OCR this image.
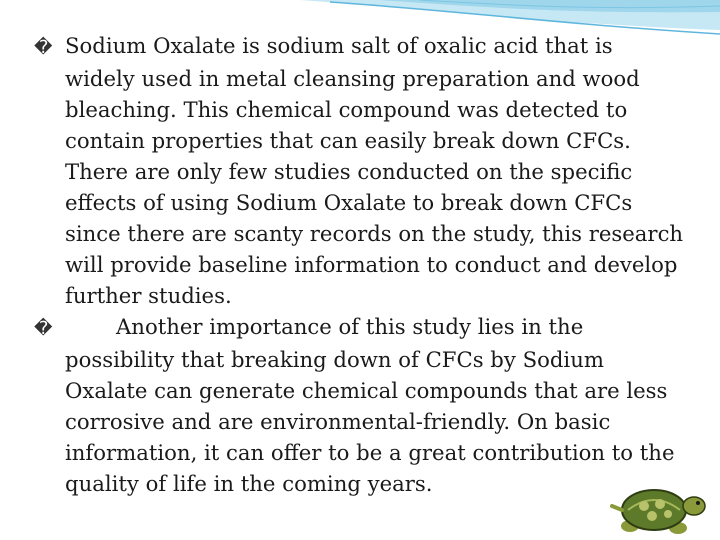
� Sodium Oxalate is sodium salt of oxalic acid that is widely used in metal cleansing preparation and wood bleaching. This chemical compound was detected to contain properties that can easily break down CFCs. There are only few studies conducted on the specific effects of using Sodium Oxalate to break down CFCs since there are scanty records on the study, this research will provide baseline information to conduct and develop further studies.

�	Another importance of this study lies in the possibility that breaking down of CFCs by Sodium Oxalate can generate chemical compounds that are less corrosive and are environmental-friendly. On basic information, it can offer to be a great contribution to the quality of life in the coming years.
